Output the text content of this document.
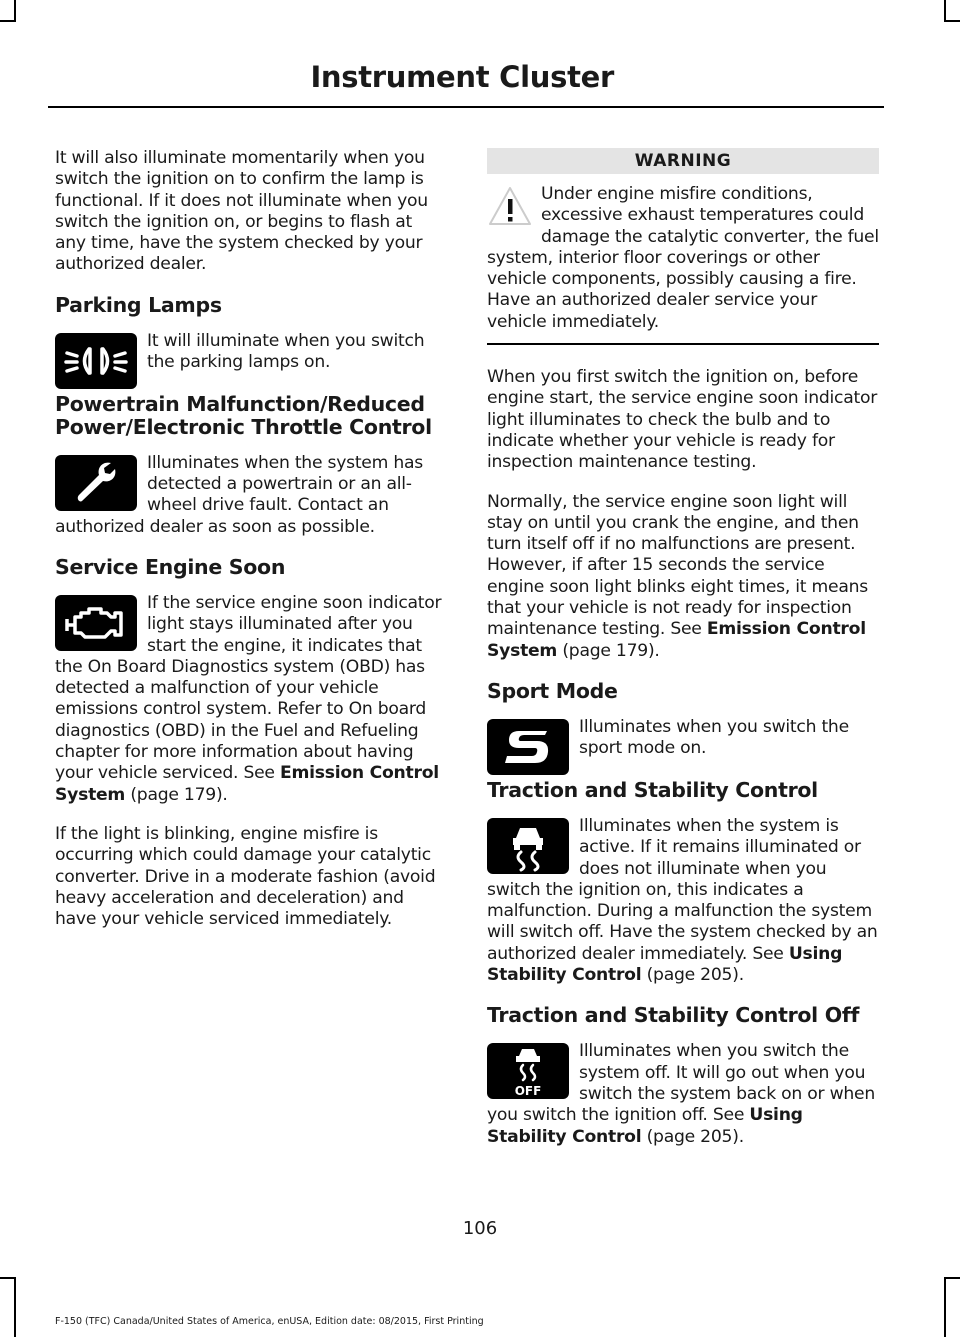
Instrument Cluster

It will also illuminate momentarily when you switch the ignition on to confirm the lamp is functional. If it does not illuminate when you switch the ignition on, or begins to flash at any time, have the system checked by your authorized dealer.

Parking Lamps

It will illuminate when you switch the parking lamps on.

Powertrain Malfunction/Reduced Power/Electronic Throttle Control

Illuminates when the system has detected a powertrain or an all-wheel drive fault. Contact an authorized dealer as soon as possible.

Service Engine Soon

If the service engine soon indicator light stays illuminated after you start the engine, it indicates that the On Board Diagnostics system (OBD) has detected a malfunction of your vehicle emissions control system. Refer to On board diagnostics (OBD) in the Fuel and Refueling chapter for more information about having your vehicle serviced. See Emission Control System (page 179).

If the light is blinking, engine misfire is occurring which could damage your catalytic converter. Drive in a moderate fashion (avoid heavy acceleration and deceleration) and have your vehicle serviced immediately.

WARNING

Under engine misfire conditions, excessive exhaust temperatures could damage the catalytic converter, the fuel system, interior floor coverings or other vehicle components, possibly causing a fire. Have an authorized dealer service your vehicle immediately.

When you first switch the ignition on, before engine start, the service engine soon indicator light illuminates to check the bulb and to indicate whether your vehicle is ready for inspection maintenance testing.

Normally, the service engine soon light will stay on until you crank the engine, and then turn itself off if no malfunctions are present. However, if after 15 seconds the service engine soon light blinks eight times, it means that your vehicle is not ready for inspection maintenance testing. See Emission Control System (page 179).

Sport Mode

Illuminates when you switch the sport mode on.

Traction and Stability Control

Illuminates when the system is active. If it remains illuminated or does not illuminate when you switch the ignition on, this indicates a malfunction. During a malfunction the system will switch off. Have the system checked by an authorized dealer immediately. See Using Stability Control (page 205).

Traction and Stability Control Off
OFF

Illuminates when you switch the system off. It will go out when you switch the system back on or when you switch the ignition off. See Using Stability Control (page 205).

106
F-150 (TFC) Canada/United States of America, enUSA, Edition date: 08/2015, First Printing
